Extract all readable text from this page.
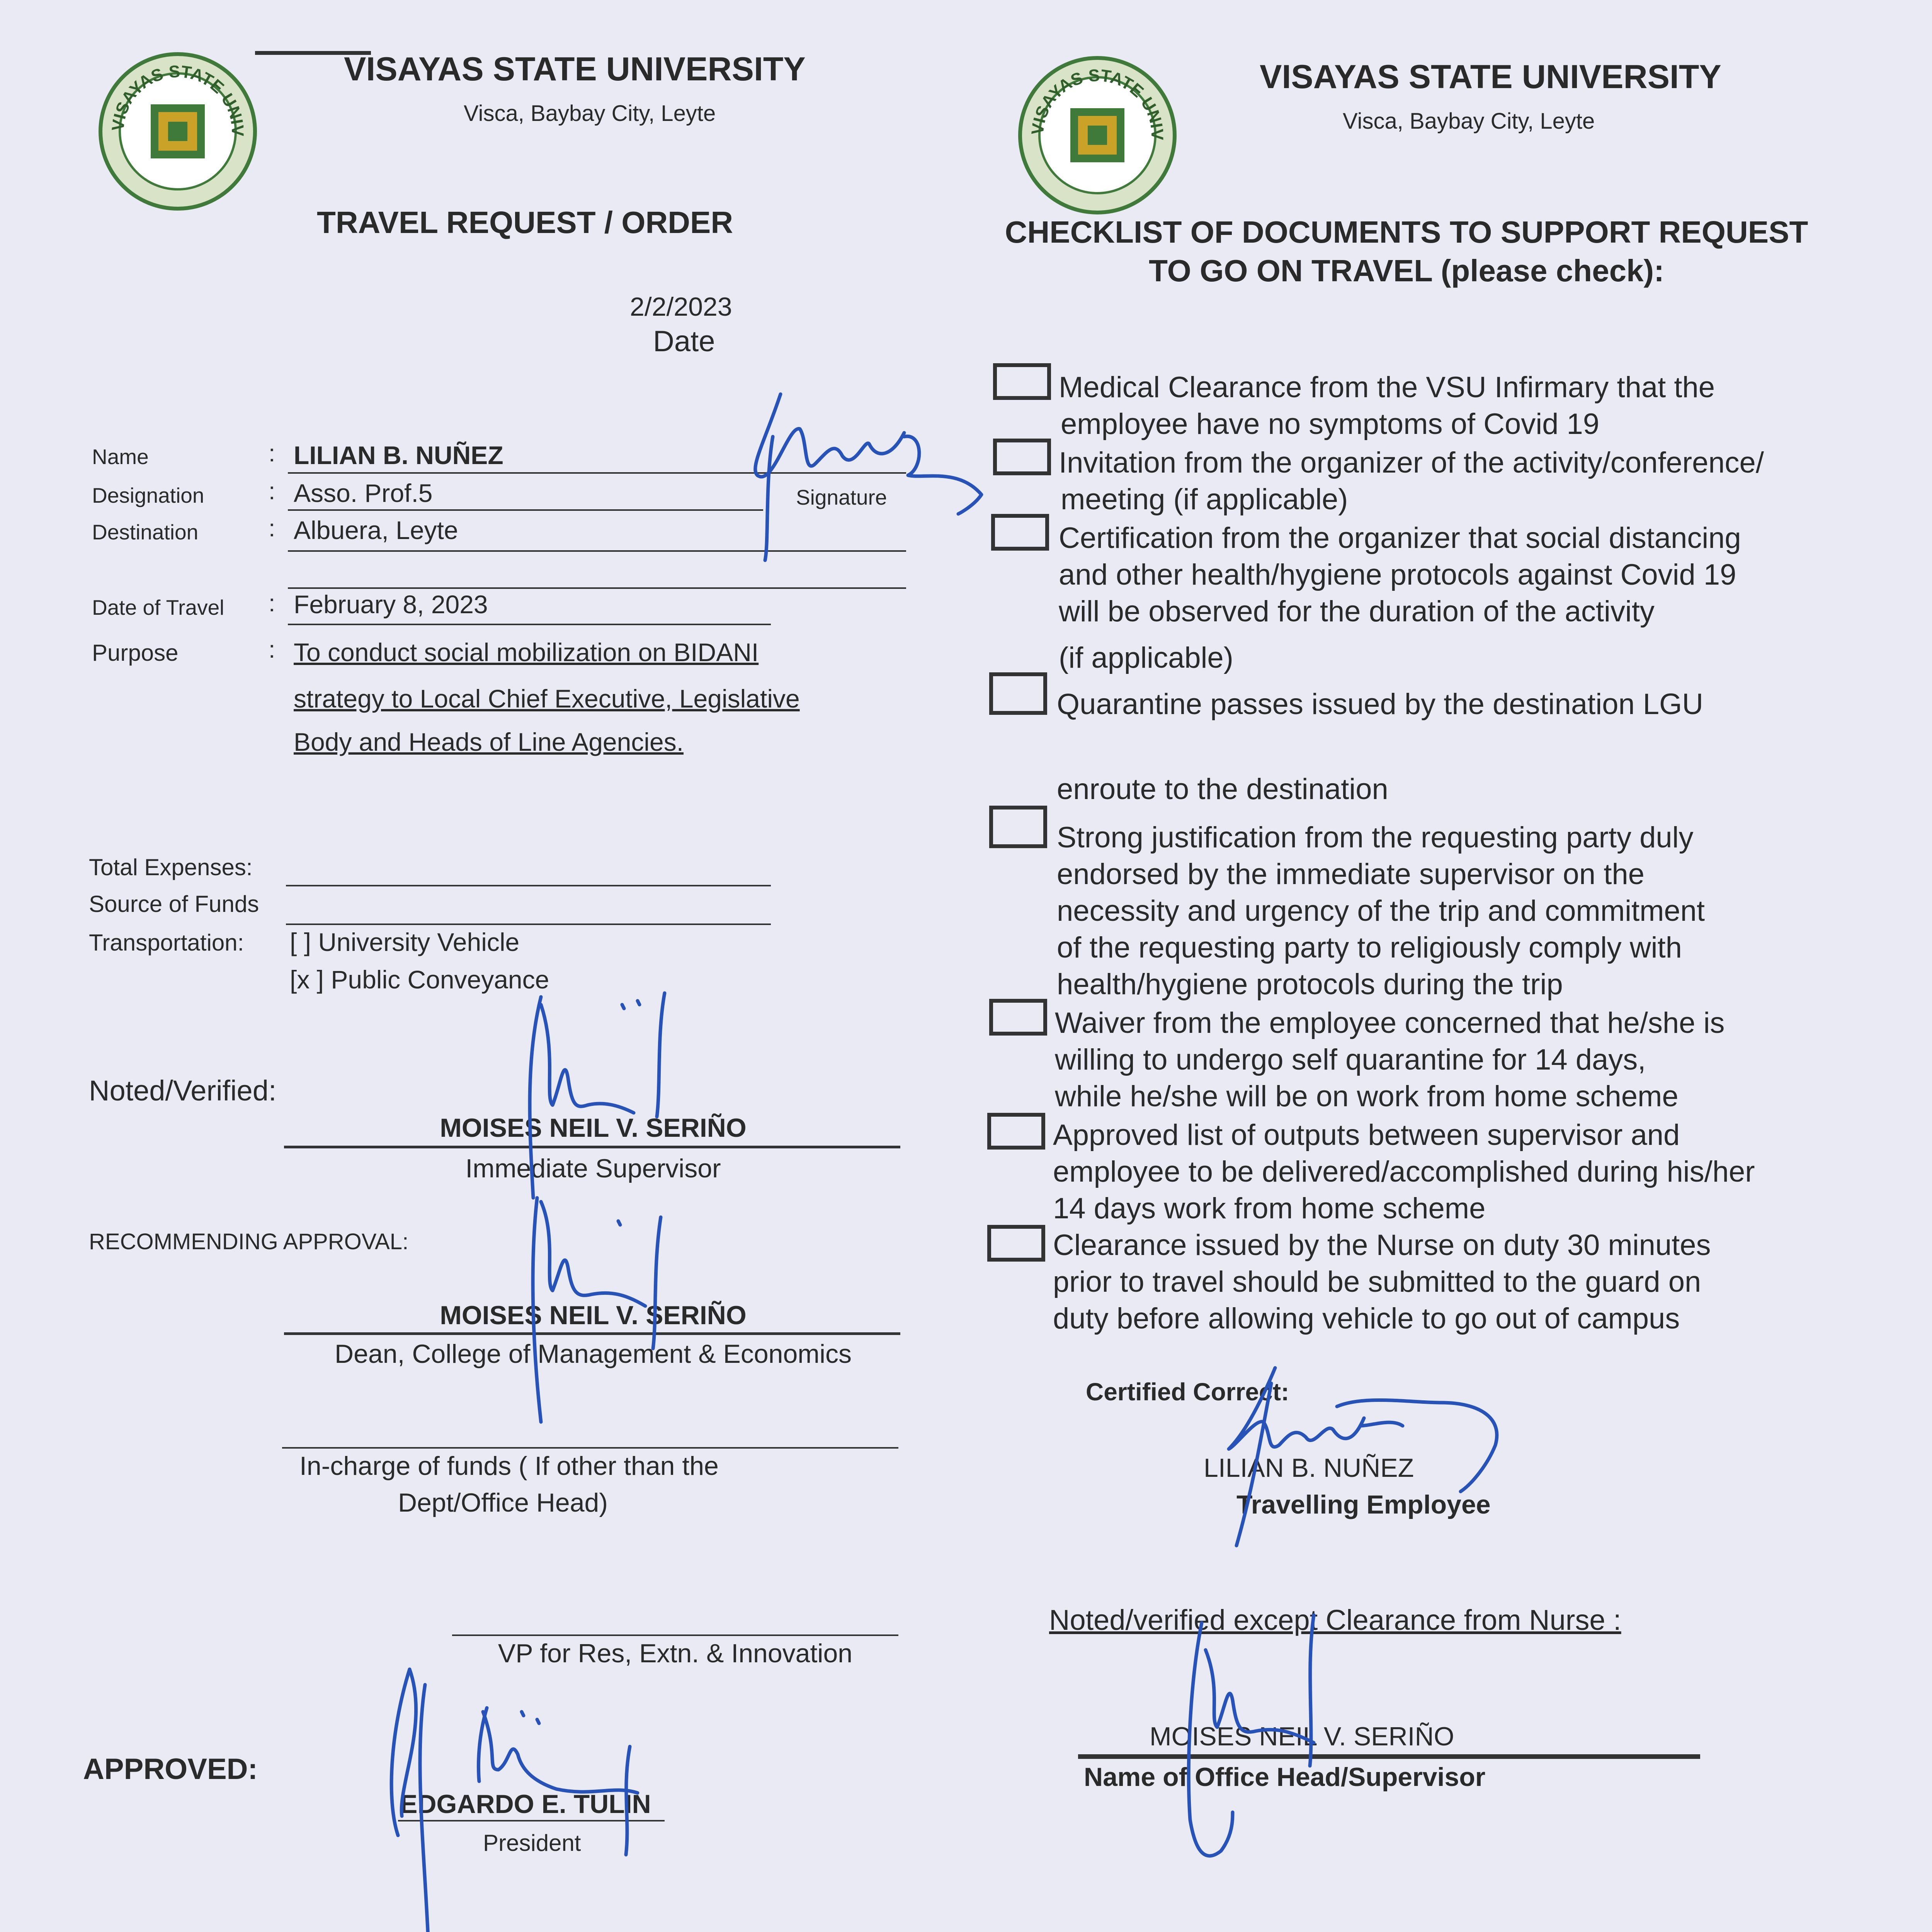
VISAYAS STATE UNIV
VISAYAS STATE UNIVERSITY
Visca, Baybay City, Leyte
TRAVEL REQUEST / ORDER
2/2/2023
Date
Name	: LILIAN B. NUÑEZ
Signature
Designation	: Asso. Prof.5
Destination	: Albuera, Leyte
Date of Travel : February 8, 2023
Purpose	: To conduct social mobilization on BIDANI
strategy to Local Chief Executive, Legislative
Body and Heads of Line Agencies.
Total Expenses:
Source of Funds
Transportation: [ ] University Vehicle
[x ] Public Conveyance
Noted/Verified:
MOISES NEIL V. SERIÑO
Immediate Supervisor
RECOMMENDING APPROVAL:
MOISES NEIL V. SERIÑO
Dean, College of Management & Economics
In-charge of funds ( If other than the
Dept/Office Head)
VP for Res, Extn. & Innovation
APPROVED:
EDGARDO E. TULIN
President
VISAYAS STATE UNIV
VISAYAS STATE UNIVERSITY
Visca, Baybay City, Leyte
CHECKLIST OF DOCUMENTS TO SUPPORT REQUEST
TO GO ON TRAVEL (please check):
Medical Clearance from the VSU Infirmary that the
employee have no symptoms of Covid 19
Invitation from the organizer of the activity/conference/
meeting (if applicable)
Certification from the organizer that social distancing
and other health/hygiene protocols against Covid 19
will be observed for the duration of the activity
(if applicable)
Quarantine passes issued by the destination LGU
enroute to the destination
Strong justification from the requesting party duly
endorsed by the immediate supervisor on the
necessity and urgency of the trip and commitment
of the requesting party to religiously comply with
health/hygiene protocols during the trip
Waiver from the employee concerned that he/she is
willing to undergo self quarantine for 14 days,
while he/she will be on work from home scheme
Approved list of outputs between supervisor and
employee to be delivered/accomplished during his/her
14 days work from home scheme
Clearance issued by the Nurse on duty 30 minutes
prior to travel should be submitted to the guard on
duty before allowing vehicle to go out of campus
Certified Correct:
LILIAN B. NUÑEZ
Travelling Employee
Noted/verified except Clearance from Nurse :
MOISES NEIL V. SERIÑO
Name of Office Head/Supervisor
